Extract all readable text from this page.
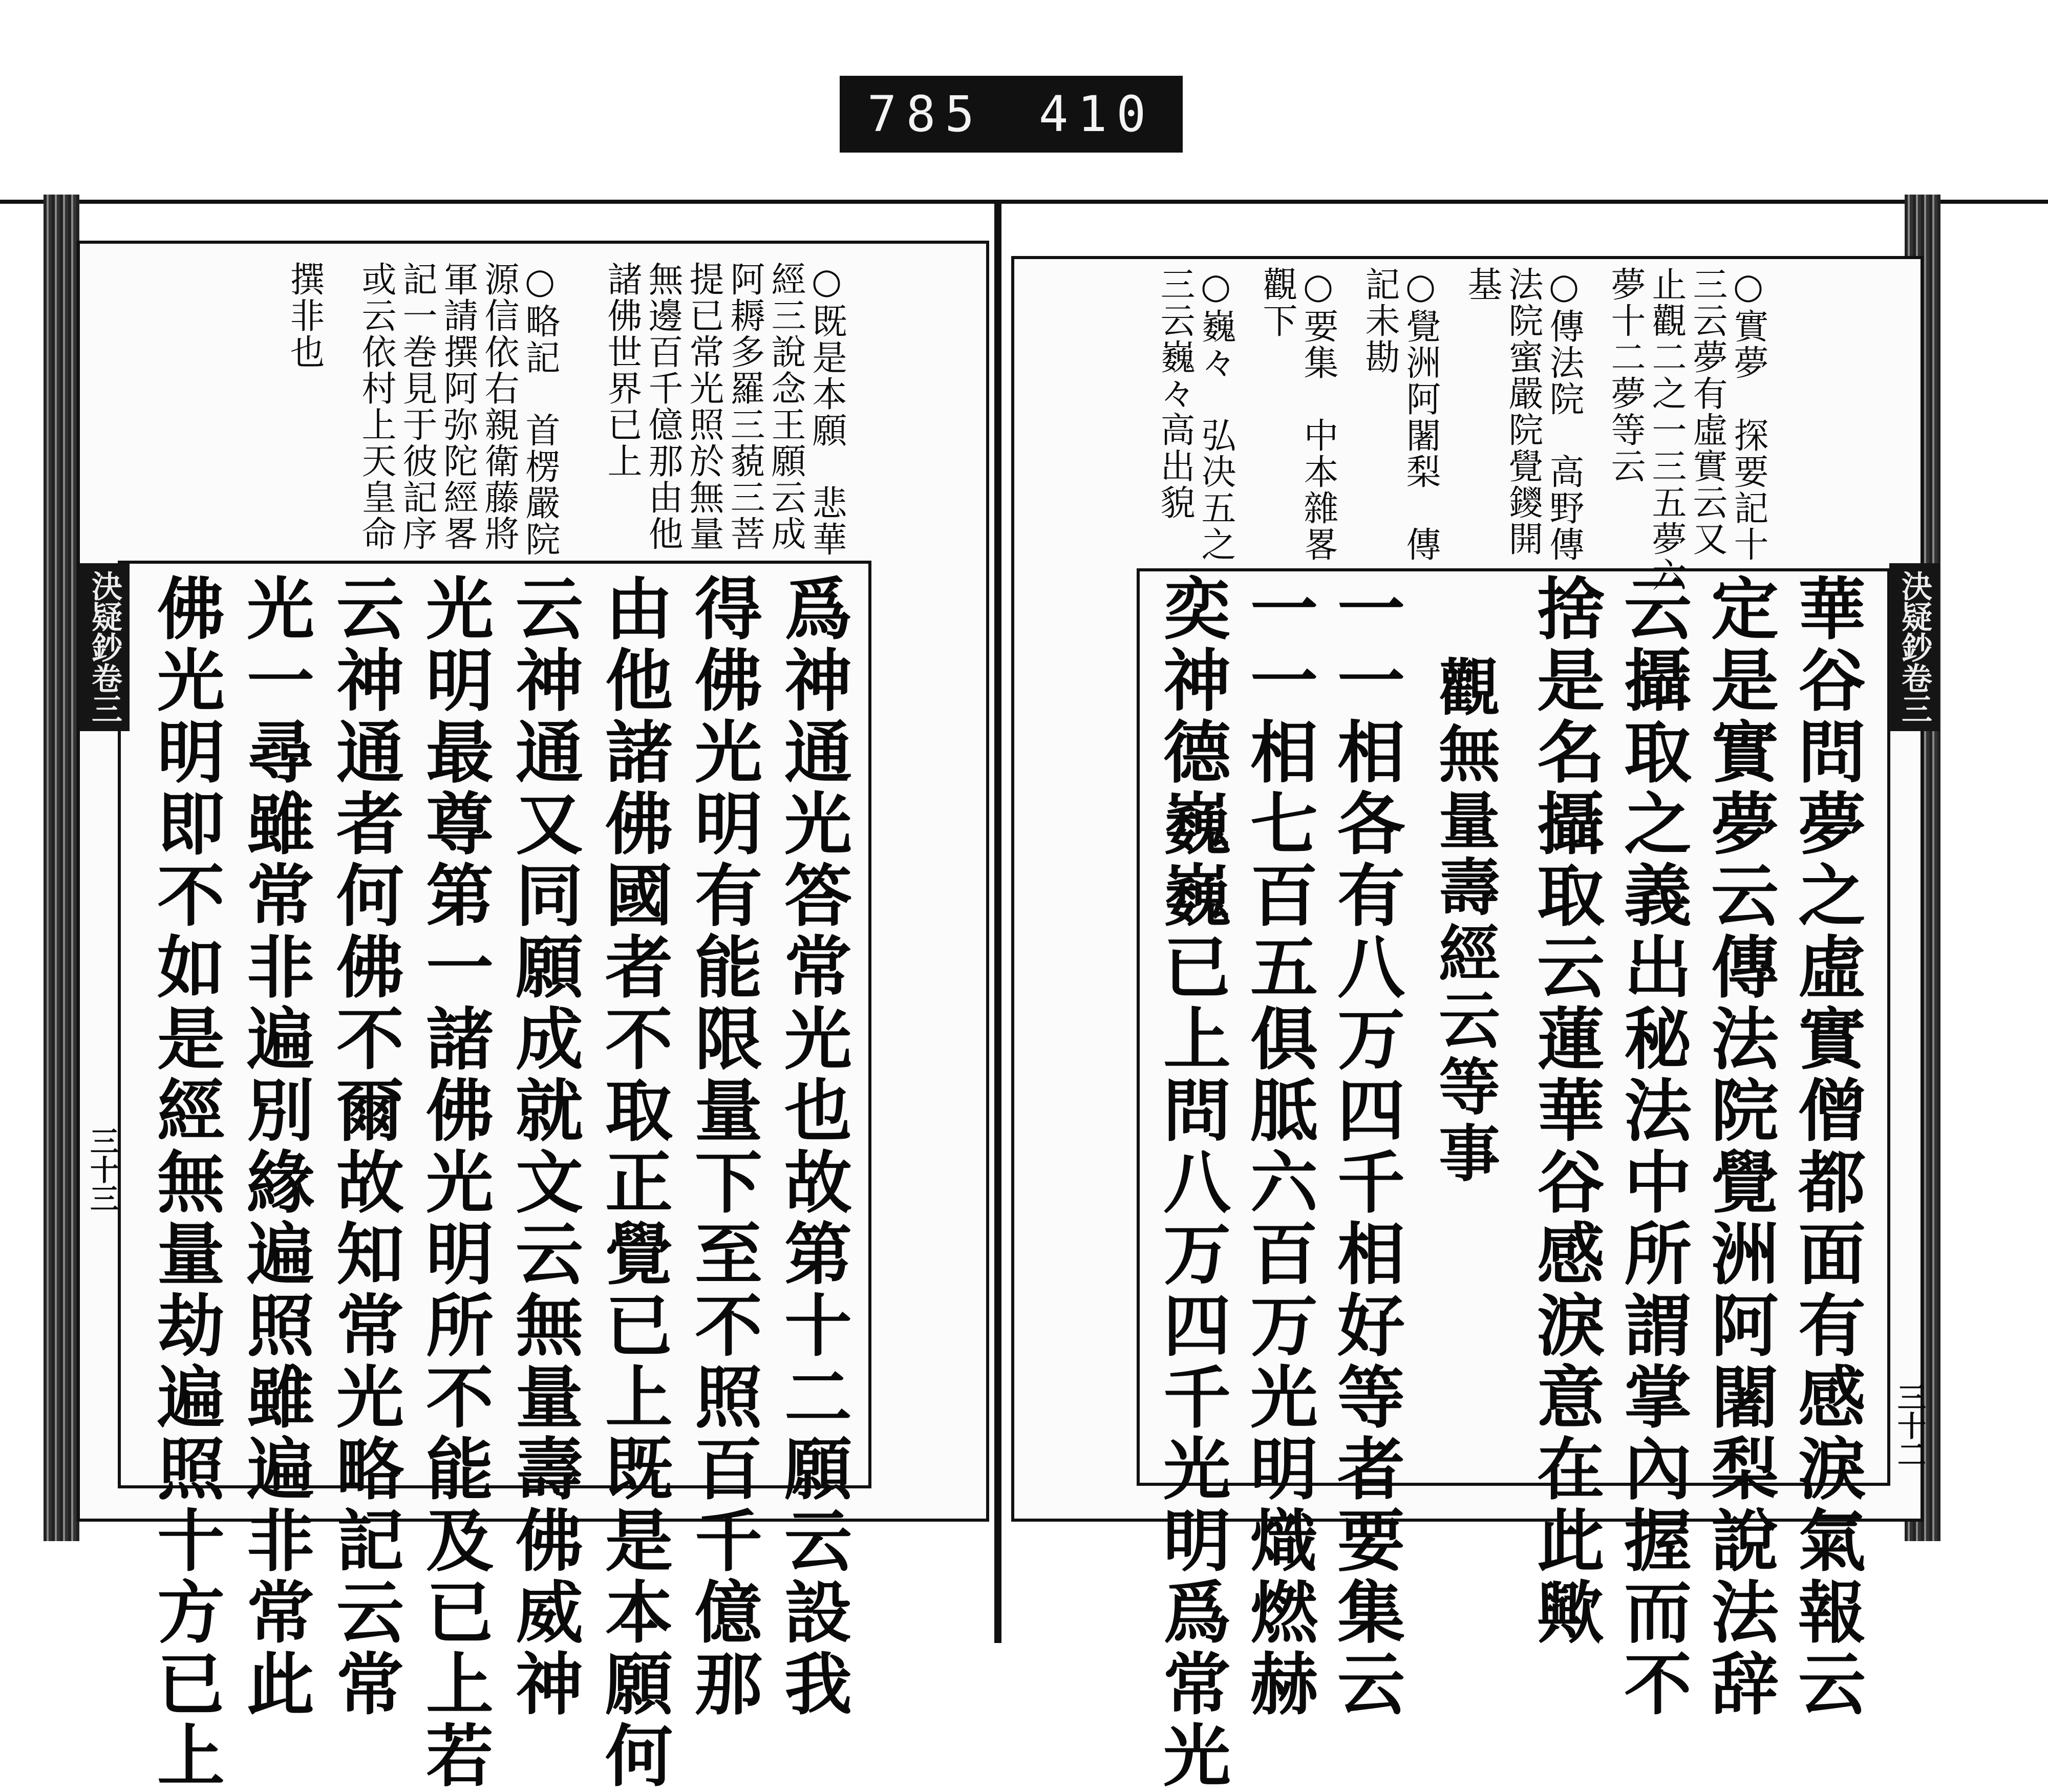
785 410
○既是本願　悲華
經三說念王願云成
阿耨多羅三藐三菩
提已常光照於無量
無邊百千億那由他
諸佛世界已上
○略記　首楞嚴院
源信依右親衛藤將
軍請撰阿弥陀經畧
記一巻見于彼記序
或云依村上天皇命
撰非也
爲神通光答常光也故第十二願云設我
得佛光明有能限量下至不照百千億那
由他諸佛國者不取正覺已上既是本願何
云神通又同願成就文云無量壽佛威神
光明最尊第一諸佛光明所不能及已上若
云神通者何佛不爾故知常光略記云常
光一尋雖常非遍別緣遍照雖遍非常此
佛光明即不如是經無量劫遍照十方已上
決疑鈔卷三
三十三
○實夢　探要記十
三云夢有虛實云又
止觀二之一三五夢六
夢十二夢等云
○傳法院　高野傳
法院蜜嚴院覺鑁開
基
○覺洲阿闍梨　傳
記未勘
○要集　中本雜畧
觀下
○巍々　弘决五之
三云巍々高出貌
華谷問夢之虛實僧都面有感淚氣報云
定是實夢云傳法院覺洲阿闍梨說法辞
云攝取之義出秘法中所謂掌內握而不
捨是名攝取云蓮華谷感淚意在此歟
觀無量壽經云等事
一一相各有八万四千相好等者要集云
一一相七百五俱胝六百万光明熾燃赫
奕神德巍巍已上問八万四千光明爲常光	決疑鈔卷三
三十二
